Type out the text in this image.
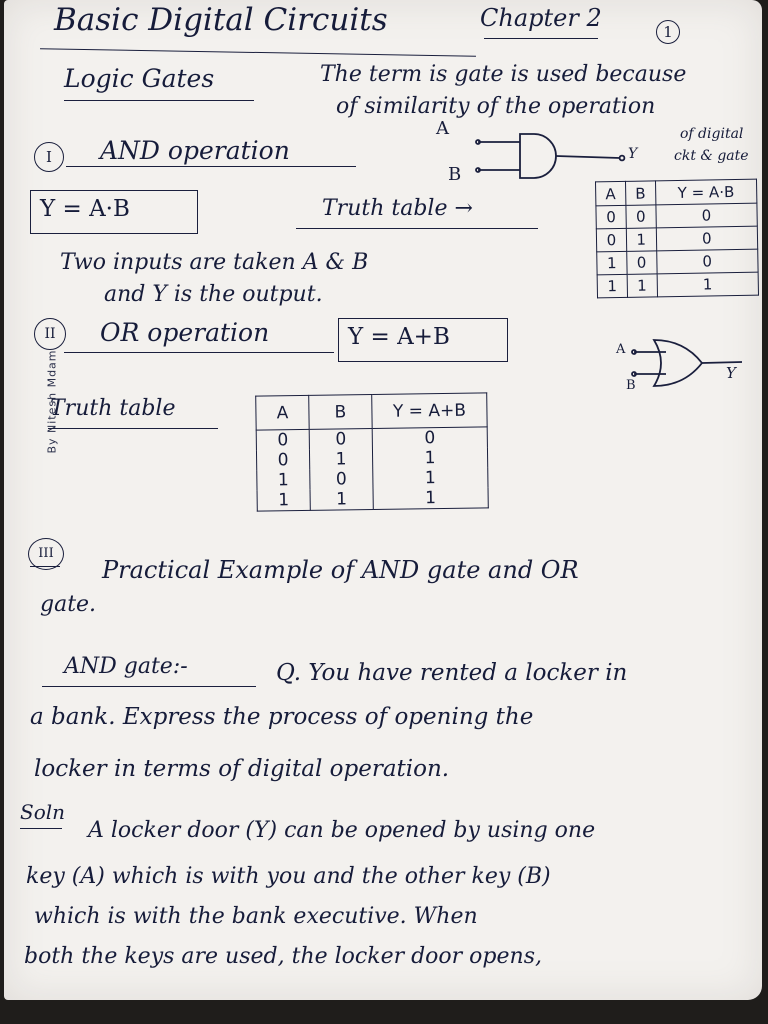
By Nitesh Mdam
Basic Digital Circuits	Chapter 2	1
Logic Gates	The term is gate is used because
of similarity of the operation
of digital
ckt & gate
I	AND operation
Y = A·B	Truth table →
Two inputs are taken A & B
and Y is the output.
A
B
Y
A	B	Y = A·B
0	0	0
0	1	0
1	0	0
1	1	1
II	OR operation	Y = A+B	A
B
Y
Truth table	A	B	Y = A+B
0	0	0
0	1	1
1	0	1
1	1	1
III
Practical Example of AND gate and OR
gate.
AND gate:-	Q. You have rented a locker in
a bank. Express the process of opening the
locker in terms of digital operation.
Soln
A locker door (Y) can be opened by using one
key (A) which is with you and the other key (B)
which is with the bank executive. When
both the keys are used, the locker door opens,
